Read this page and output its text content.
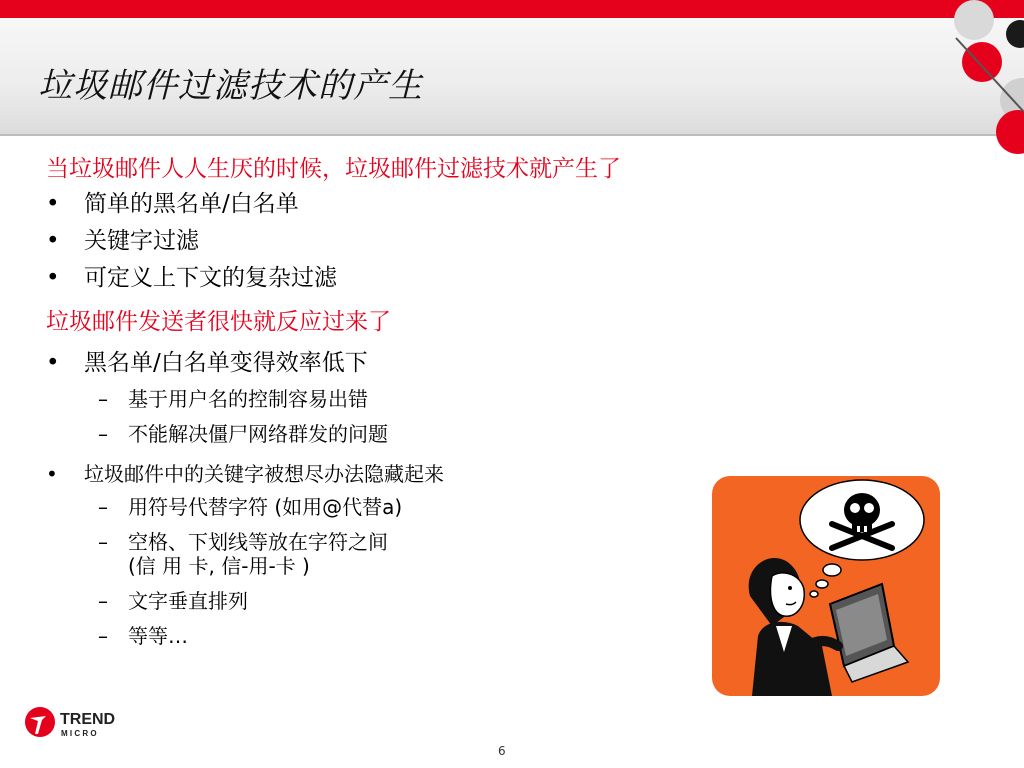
垃圾邮件过滤技术的产生
当垃圾邮件人人生厌的时候，垃圾邮件过滤技术就产生了
• 简单的黑名单/白名单
• 关键字过滤
• 可定义上下文的复杂过滤
垃圾邮件发送者很快就反应过来了
• 黑名单/白名单变得效率低下
– 基于用户名的控制容易出错
– 不能解决僵尸网络群发的问题
• 垃圾邮件中的关键字被想尽办法隐藏起来
– 用符号代替字符 (如用@代替a)
– 空格、下划线等放在字符之间
(信 用 卡, 信-用-卡 )
– 文字垂直排列
– 等等…
TREND
M I C R O
6
